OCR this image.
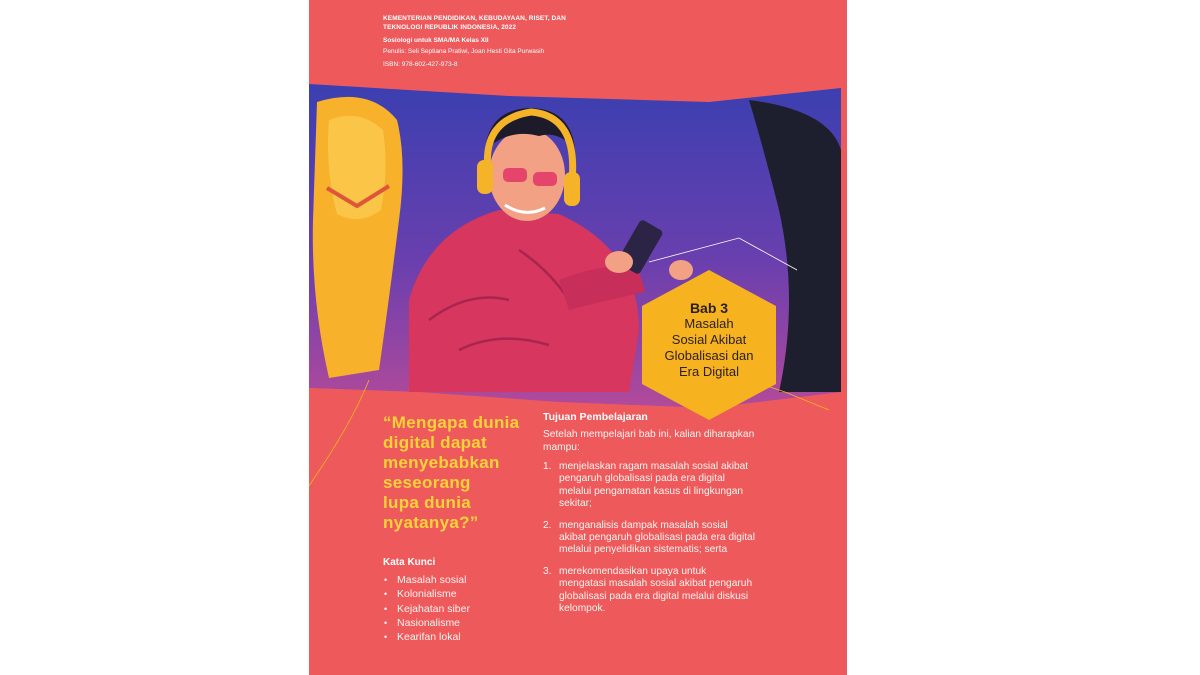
KEMENTERIAN PENDIDIKAN, KEBUDAYAAN, RISET, DAN TEKNOLOGI REPUBLIK INDONESIA, 2022
Sosiologi untuk SMA/MA Kelas XII
Penulis: Seli Septiana Pratiwi, Joan Hesti Gita Purwasih
ISBN: 978-602-427-973-8
Bab 3
Masalah
Sosial Akibat
Globalisasi dan
Era Digital
“Mengapa dunia
digital dapat
menyebabkan
seseorang
lupa dunia
nyatanya?”
Kata Kunci
• Masalah sosial
• Kolonialisme
• Kejahatan siber
• Nasionalisme
• Kearifan lokal
Tujuan Pembelajaran
Setelah mempelajari bab ini, kalian diharapkan
mampu:
1. menjelaskan ragam masalah sosial akibat
pengaruh globalisasi pada era digital
melalui pengamatan kasus di lingkungan
sekitar;
2. menganalisis dampak masalah sosial
akibat pengaruh globalisasi pada era digital
melalui penyelidikan sistematis; serta
3. merekomendasikan upaya untuk
mengatasi masalah sosial akibat pengaruh
globalisasi pada era digital melalui diskusi
kelompok.
